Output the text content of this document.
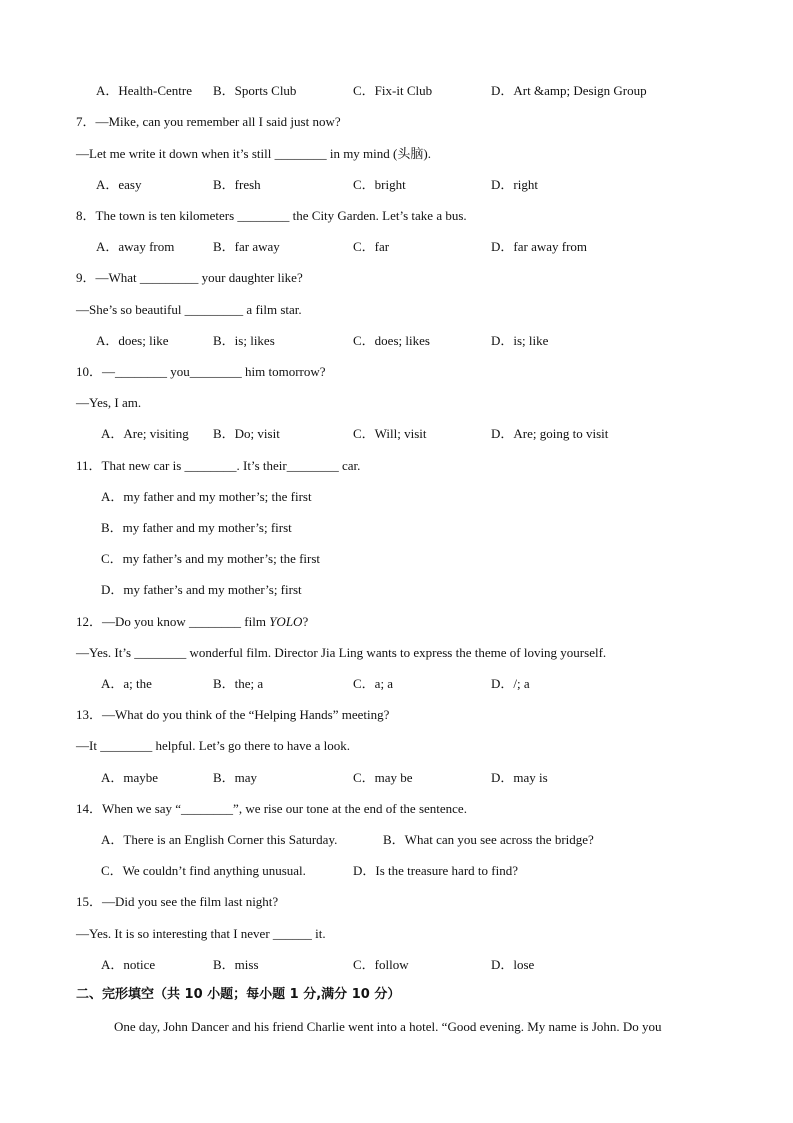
A．Health-Centre B．Sports Club	C．Fix-it Club	D．Art &amp; Design Group
7．—Mike, can you remember all I said just now?
—Let me write it down when it’s still ________ in my mind (头脑).
A．easy	B．fresh	C．bright	D．right
8．The town is ten kilometers ________ the City Garden. Let’s take a bus.
A．away from	B．far away	C．far	D．far away from
9．—What _________ your daughter like?
—She’s so beautiful _________ a film star.
A．does; like	B．is; likes	C．does; likes	D．is; like
10．—________ you________ him tomorrow?
—Yes, I am.
A．Are; visiting B．Do; visit	C．Will; visit	D．Are; going to visit
11．That new car is ________. It’s their________ car.
A．my father and my mother’s; the first
B．my father and my mother’s; first
C．my father’s and my mother’s; the first
D．my father’s and my mother’s; first
12．—Do you know ________ film YOLO?
—Yes. It’s ________ wonderful film. Director Jia Ling wants to express the theme of loving yourself.
A．a; the	B．the; a	C．a; a	D．/; a
13．—What do you think of the “Helping Hands” meeting?
—It ________ helpful. Let’s go there to have a look.
A．maybe	B．may	C．may be	D．may is
14．When we say “________”, we rise our tone at the end of the sentence.
A．There is an English Corner this Saturday.	B．What can you see across the bridge?
C．We couldn’t find anything unusual.	D．Is the treasure hard to find?
15．—Did you see the film last night?
—Yes. It is so interesting that I never ______ it.
A．notice	B．miss	C．follow	D．lose
二、完形填空（共 10 小题；每小题 1 分,满分 10 分）
One day, John Dancer and his friend Charlie went into a hotel. “Good evening. My name is John. Do you
